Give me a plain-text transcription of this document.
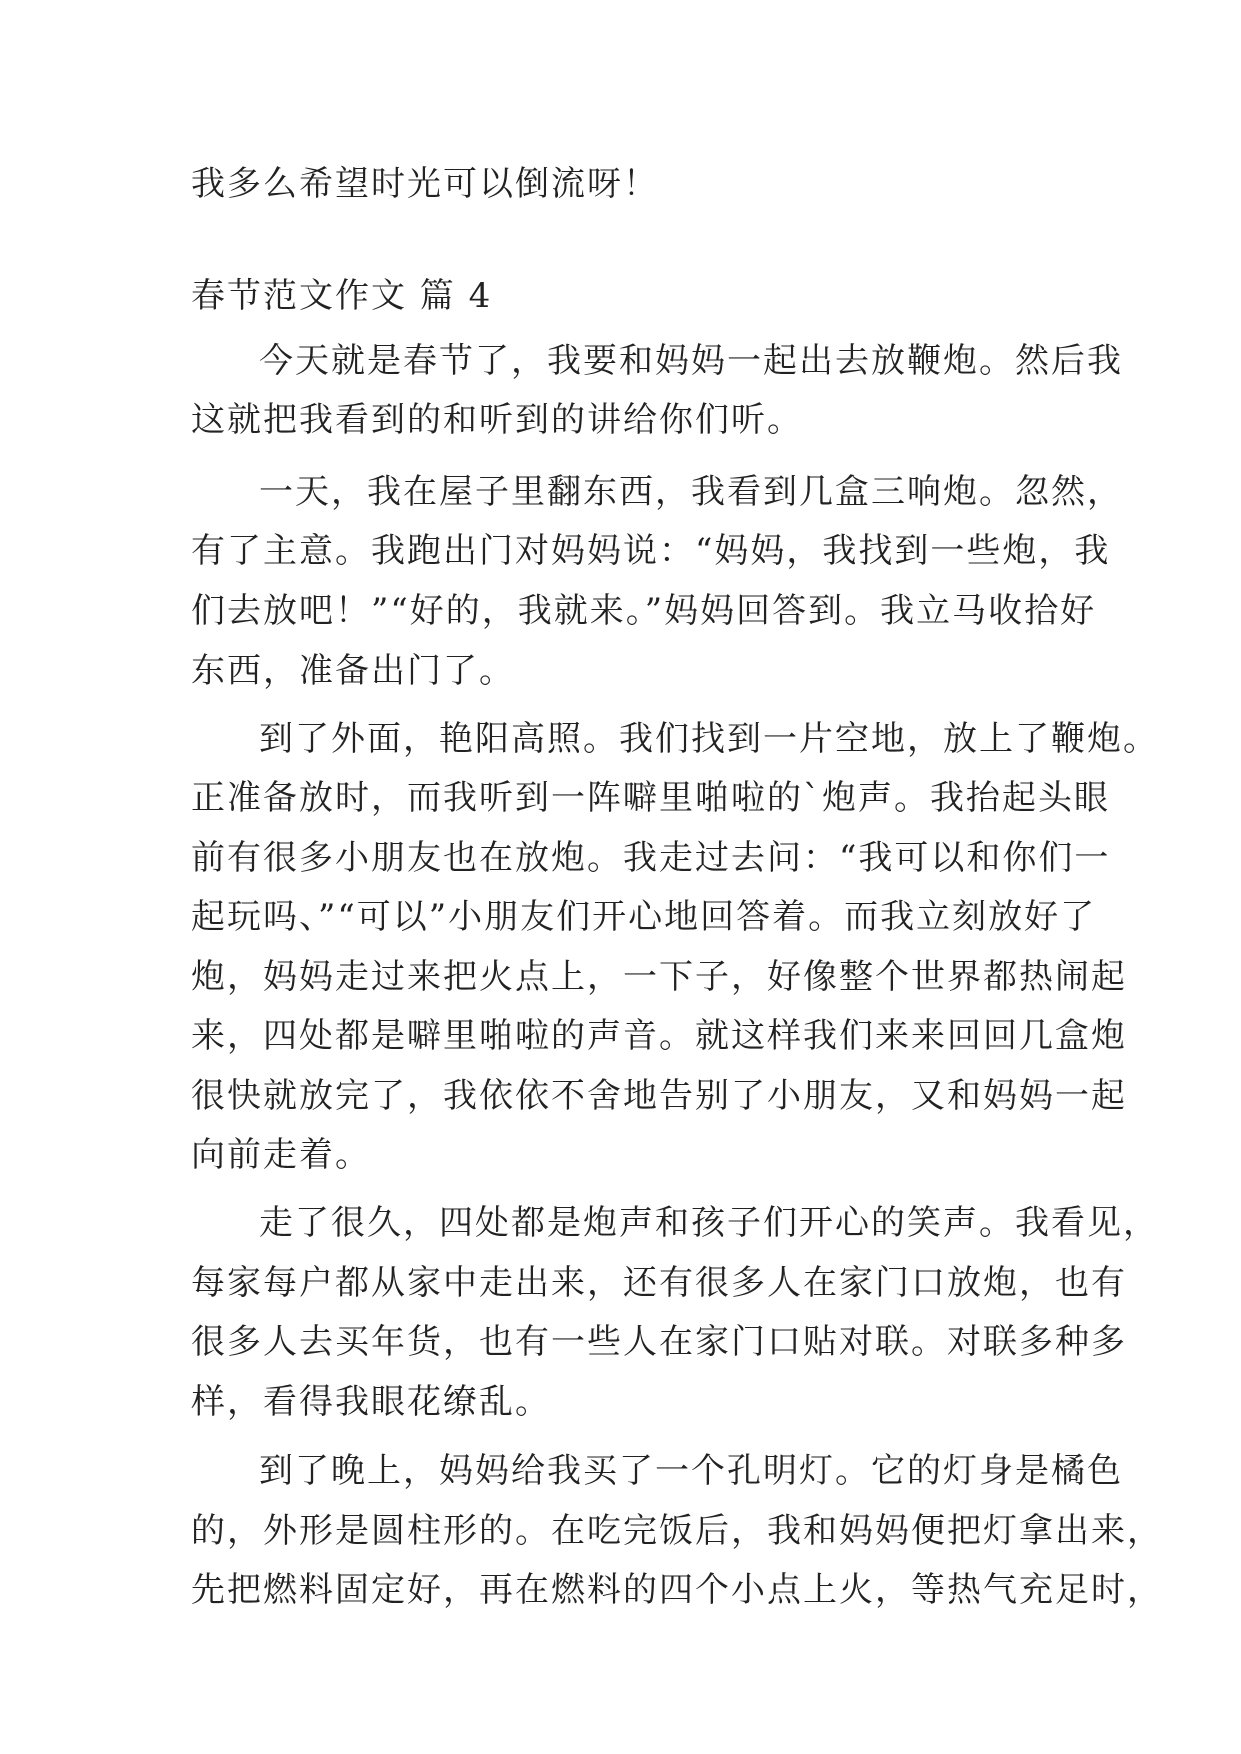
我多么希望时光可以倒流呀！
春节范文作文 篇 4
今天就是春节了，我要和妈妈一起出去放鞭炮。然后我
这就把我看到的和听到的讲给你们听。
一天，我在屋子里翻东西，我看到几盒三响炮。忽然，
有了主意。我跑出门对妈妈说：“妈妈，我找到一些炮，我
们去放吧！”“好的，我就来。”妈妈回答到。我立马收拾好
东西，准备出门了。
到了外面，艳阳高照。我们找到一片空地，放上了鞭炮。
正准备放时，而我听到一阵噼里啪啦的`炮声。我抬起头眼
前有很多小朋友也在放炮。我走过去问：“我可以和你们一
起玩吗、”“可以”小朋友们开心地回答着。而我立刻放好了
炮，妈妈走过来把火点上，一下子，好像整个世界都热闹起
来，四处都是噼里啪啦的声音。就这样我们来来回回几盒炮
很快就放完了，我依依不舍地告别了小朋友，又和妈妈一起
向前走着。
走了很久，四处都是炮声和孩子们开心的笑声。我看见，
每家每户都从家中走出来，还有很多人在家门口放炮，也有
很多人去买年货，也有一些人在家门口贴对联。对联多种多
样，看得我眼花缭乱。
到了晚上，妈妈给我买了一个孔明灯。它的灯身是橘色
的，外形是圆柱形的。在吃完饭后，我和妈妈便把灯拿出来，
先把燃料固定好，再在燃料的四个小点上火，等热气充足时，
